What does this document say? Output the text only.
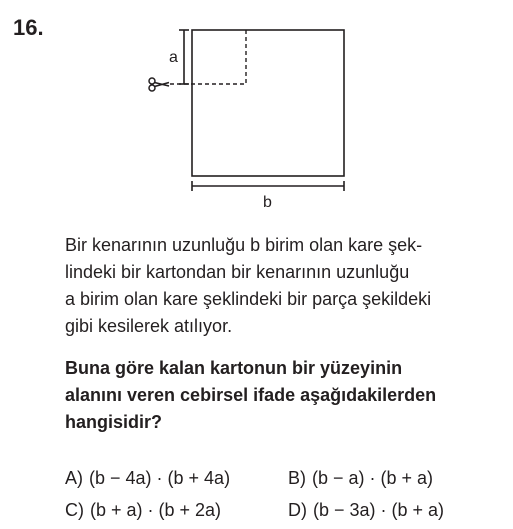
16.
a
b
Bir kenarının uzunluğu b birim olan kare şek-
lindeki bir kartondan bir kenarının uzunluğu
a birim olan kare şeklindeki bir parça şekildeki
gibi kesilerek atılıyor.
Buna göre kalan kartonun bir yüzeyinin
alanını veren cebirsel ifade aşağıdakilerden
hangisidir?
A) (b − 4a) · (b + 4a)	B) (b − a) · (b + a)
C) (b + a) · (b + 2a)	D) (b − 3a) · (b + a)
